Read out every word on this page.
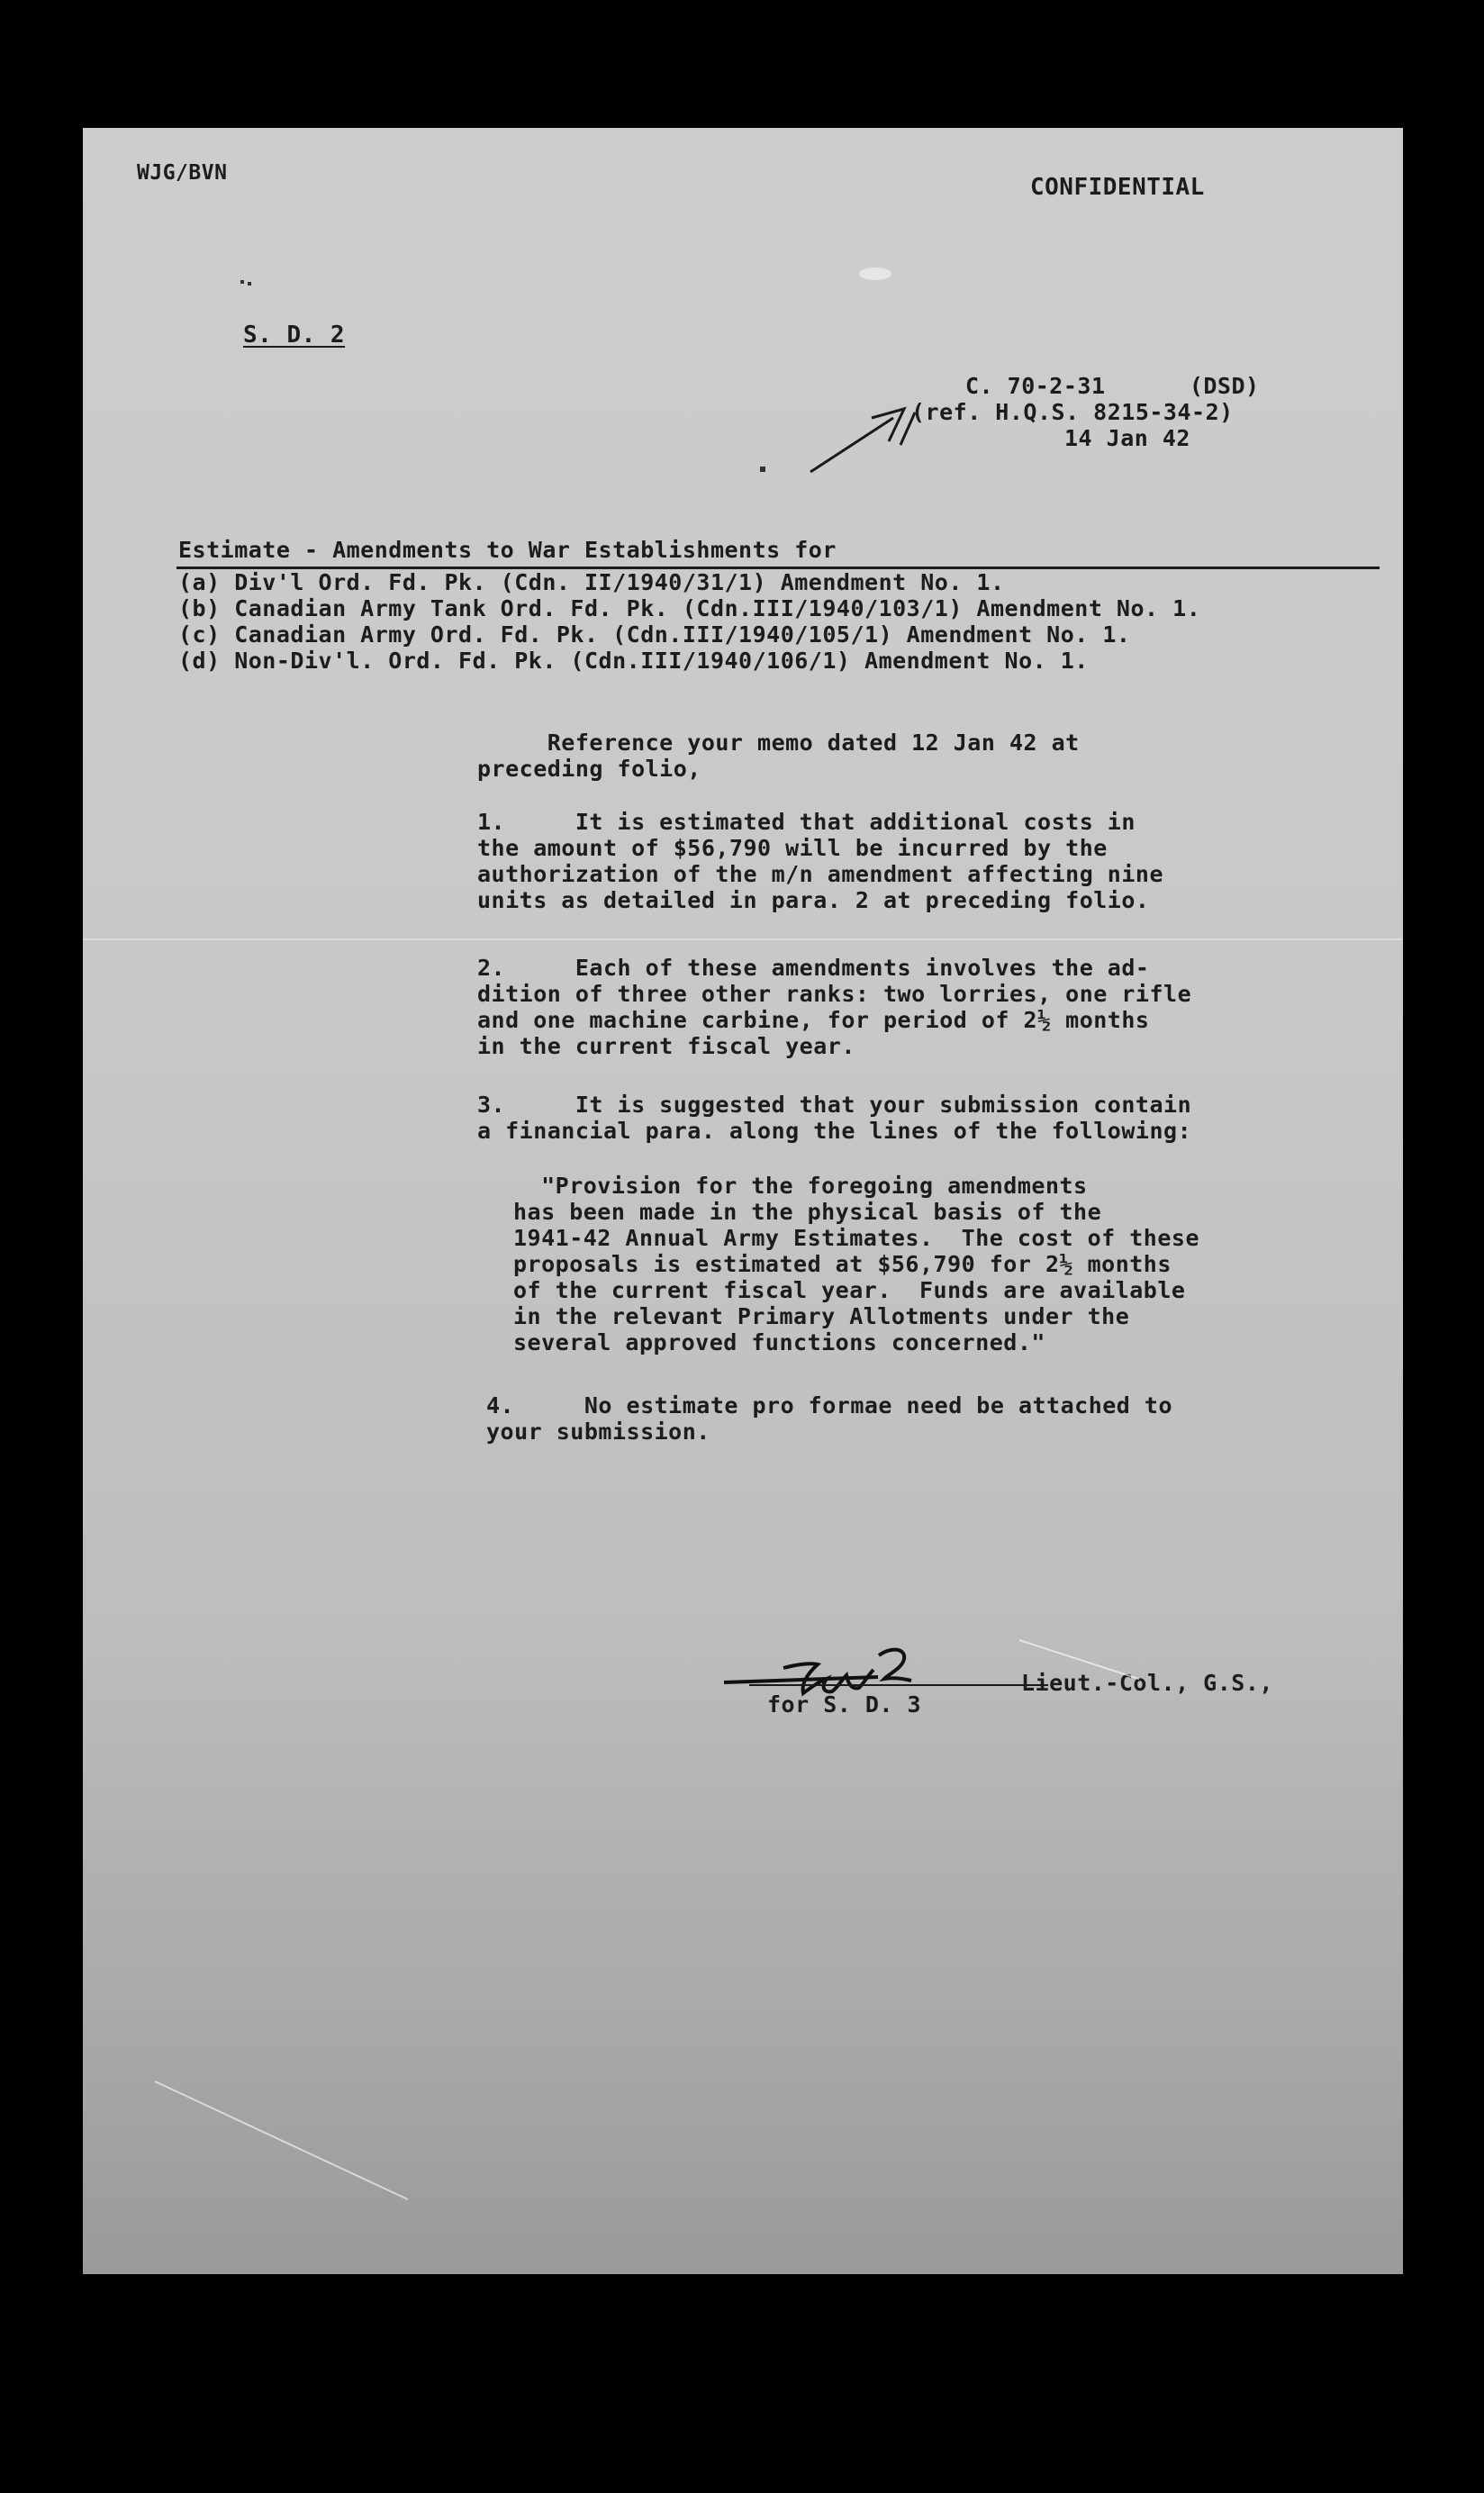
WJG/BVN
CONFIDENTIAL
S. D. 2
C. 70-2-31      (DSD)
(ref. H.Q.S. 8215-34-2)
14 Jan 42
Estimate - Amendments to War Establishments for
(a) Div'l Ord. Fd. Pk. (Cdn. II/1940/31/1) Amendment No. 1.
(b) Canadian Army Tank Ord. Fd. Pk. (Cdn.III/1940/103/1) Amendment No. 1.
(c) Canadian Army Ord. Fd. Pk. (Cdn.III/1940/105/1) Amendment No. 1.
(d) Non-Div'l. Ord. Fd. Pk. (Cdn.III/1940/106/1) Amendment No. 1.
Reference your memo dated 12 Jan 42 at
preceding folio,
1.     It is estimated that additional costs in
the amount of $56,790 will be incurred by the
authorization of the m/n amendment affecting nine
units as detailed in para. 2 at preceding folio.
2.     Each of these amendments involves the ad-
dition of three other ranks: two lorries, one rifle
and one machine carbine, for period of 2½ months
in the current fiscal year.
3.     It is suggested that your submission contain
a financial para. along the lines of the following:
"Provision for the foregoing amendments
has been made in the physical basis of the
1941-42 Annual Army Estimates.  The cost of these
proposals is estimated at $56,790 for 2½ months
of the current fiscal year.  Funds are available
in the relevant Primary Allotments under the
several approved functions concerned."
4.     No estimate pro formae need be attached to
your submission.
Lieut.-Col., G.S.,
for S. D. 3
